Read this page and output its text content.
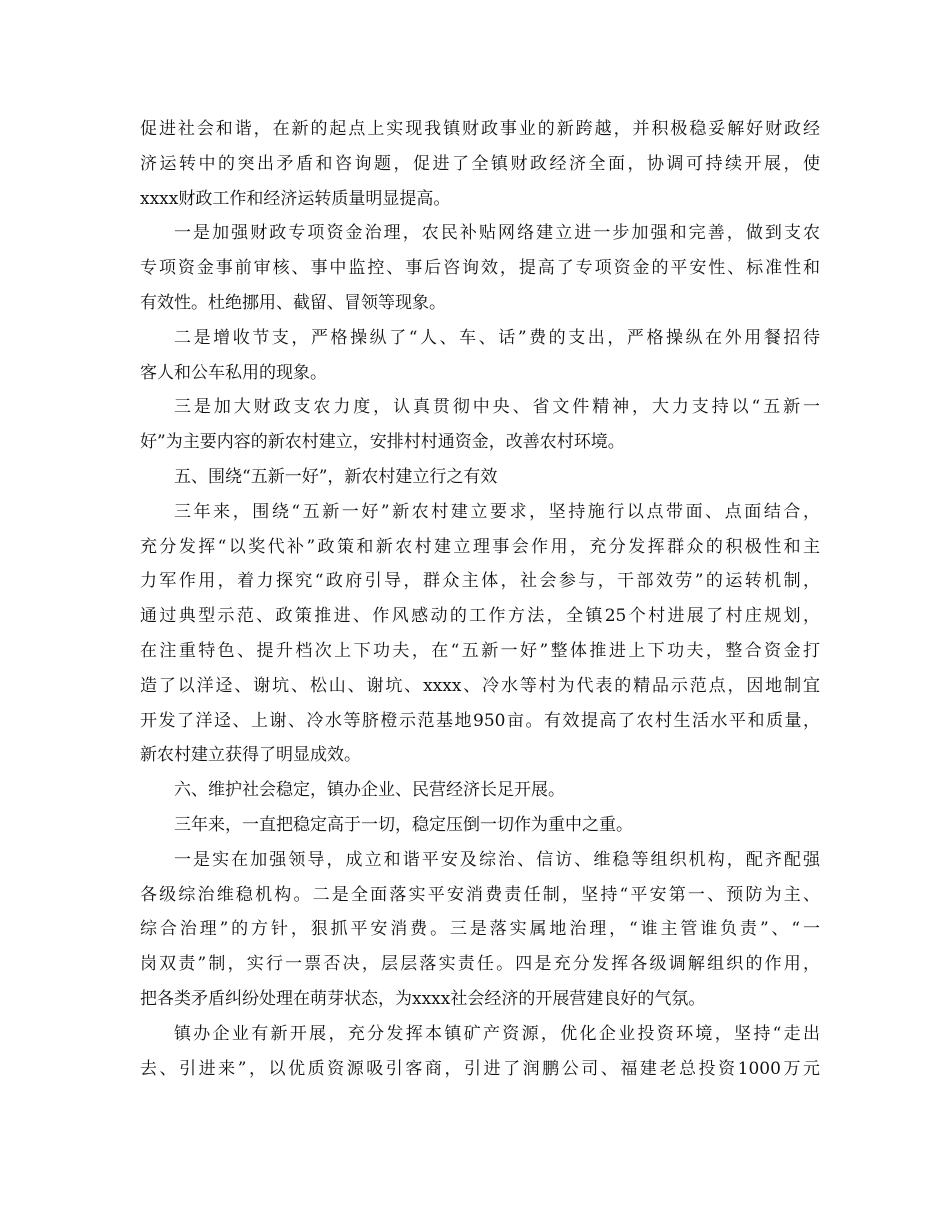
促进社会和谐，在新的起点上实现我镇财政事业的新跨越，并积极稳妥解好财政经
济运转中的突出矛盾和咨询题，促进了全镇财政经济全面，协调可持续开展，使
xxxx财政工作和经济运转质量明显提高。
一是加强财政专项资金治理，农民补贴网络建立进一步加强和完善，做到支农
专项资金事前审核、事中监控、事后咨询效，提高了专项资金的平安性、标准性和
有效性。杜绝挪用、截留、冒领等现象。
二是增收节支，严格操纵了“人、车、话”费的支出，严格操纵在外用餐招待
客人和公车私用的现象。
三是加大财政支农力度，认真贯彻中央、省文件精神，大力支持以“五新一
好”为主要内容的新农村建立，安排村村通资金，改善农村环境。
五、围绕“五新一好”，新农村建立行之有效
三年来，围绕“五新一好”新农村建立要求，坚持施行以点带面、点面结合，
充分发挥“以奖代补”政策和新农村建立理事会作用，充分发挥群众的积极性和主
力军作用，着力探究“政府引导，群众主体，社会参与，干部效劳”的运转机制，
通过典型示范、政策推进、作风感动的工作方法，全镇25个村进展了村庄规划，
在注重特色、提升档次上下功夫，在“五新一好”整体推进上下功夫，整合资金打
造了以洋迳、谢坑、松山、谢坑、xxxx、冷水等村为代表的精品示范点，因地制宜
开发了洋迳、上谢、冷水等脐橙示范基地950亩。有效提高了农村生活水平和质量，
新农村建立获得了明显成效。
六、维护社会稳定，镇办企业、民营经济长足开展。
三年来，一直把稳定高于一切，稳定压倒一切作为重中之重。
一是实在加强领导，成立和谐平安及综治、信访、维稳等组织机构，配齐配强
各级综治维稳机构。二是全面落实平安消费责任制，坚持“平安第一、预防为主、
综合治理”的方针，狠抓平安消费。三是落实属地治理，“谁主管谁负责”、“一
岗双责”制，实行一票否决，层层落实责任。四是充分发挥各级调解组织的作用，
把各类矛盾纠纷处理在萌芽状态，为xxxx社会经济的开展营建良好的气氛。
镇办企业有新开展，充分发挥本镇矿产资源，优化企业投资环境，坚持“走出
去、引进来”，以优质资源吸引客商，引进了润鹏公司、福建老总投资1000万元
